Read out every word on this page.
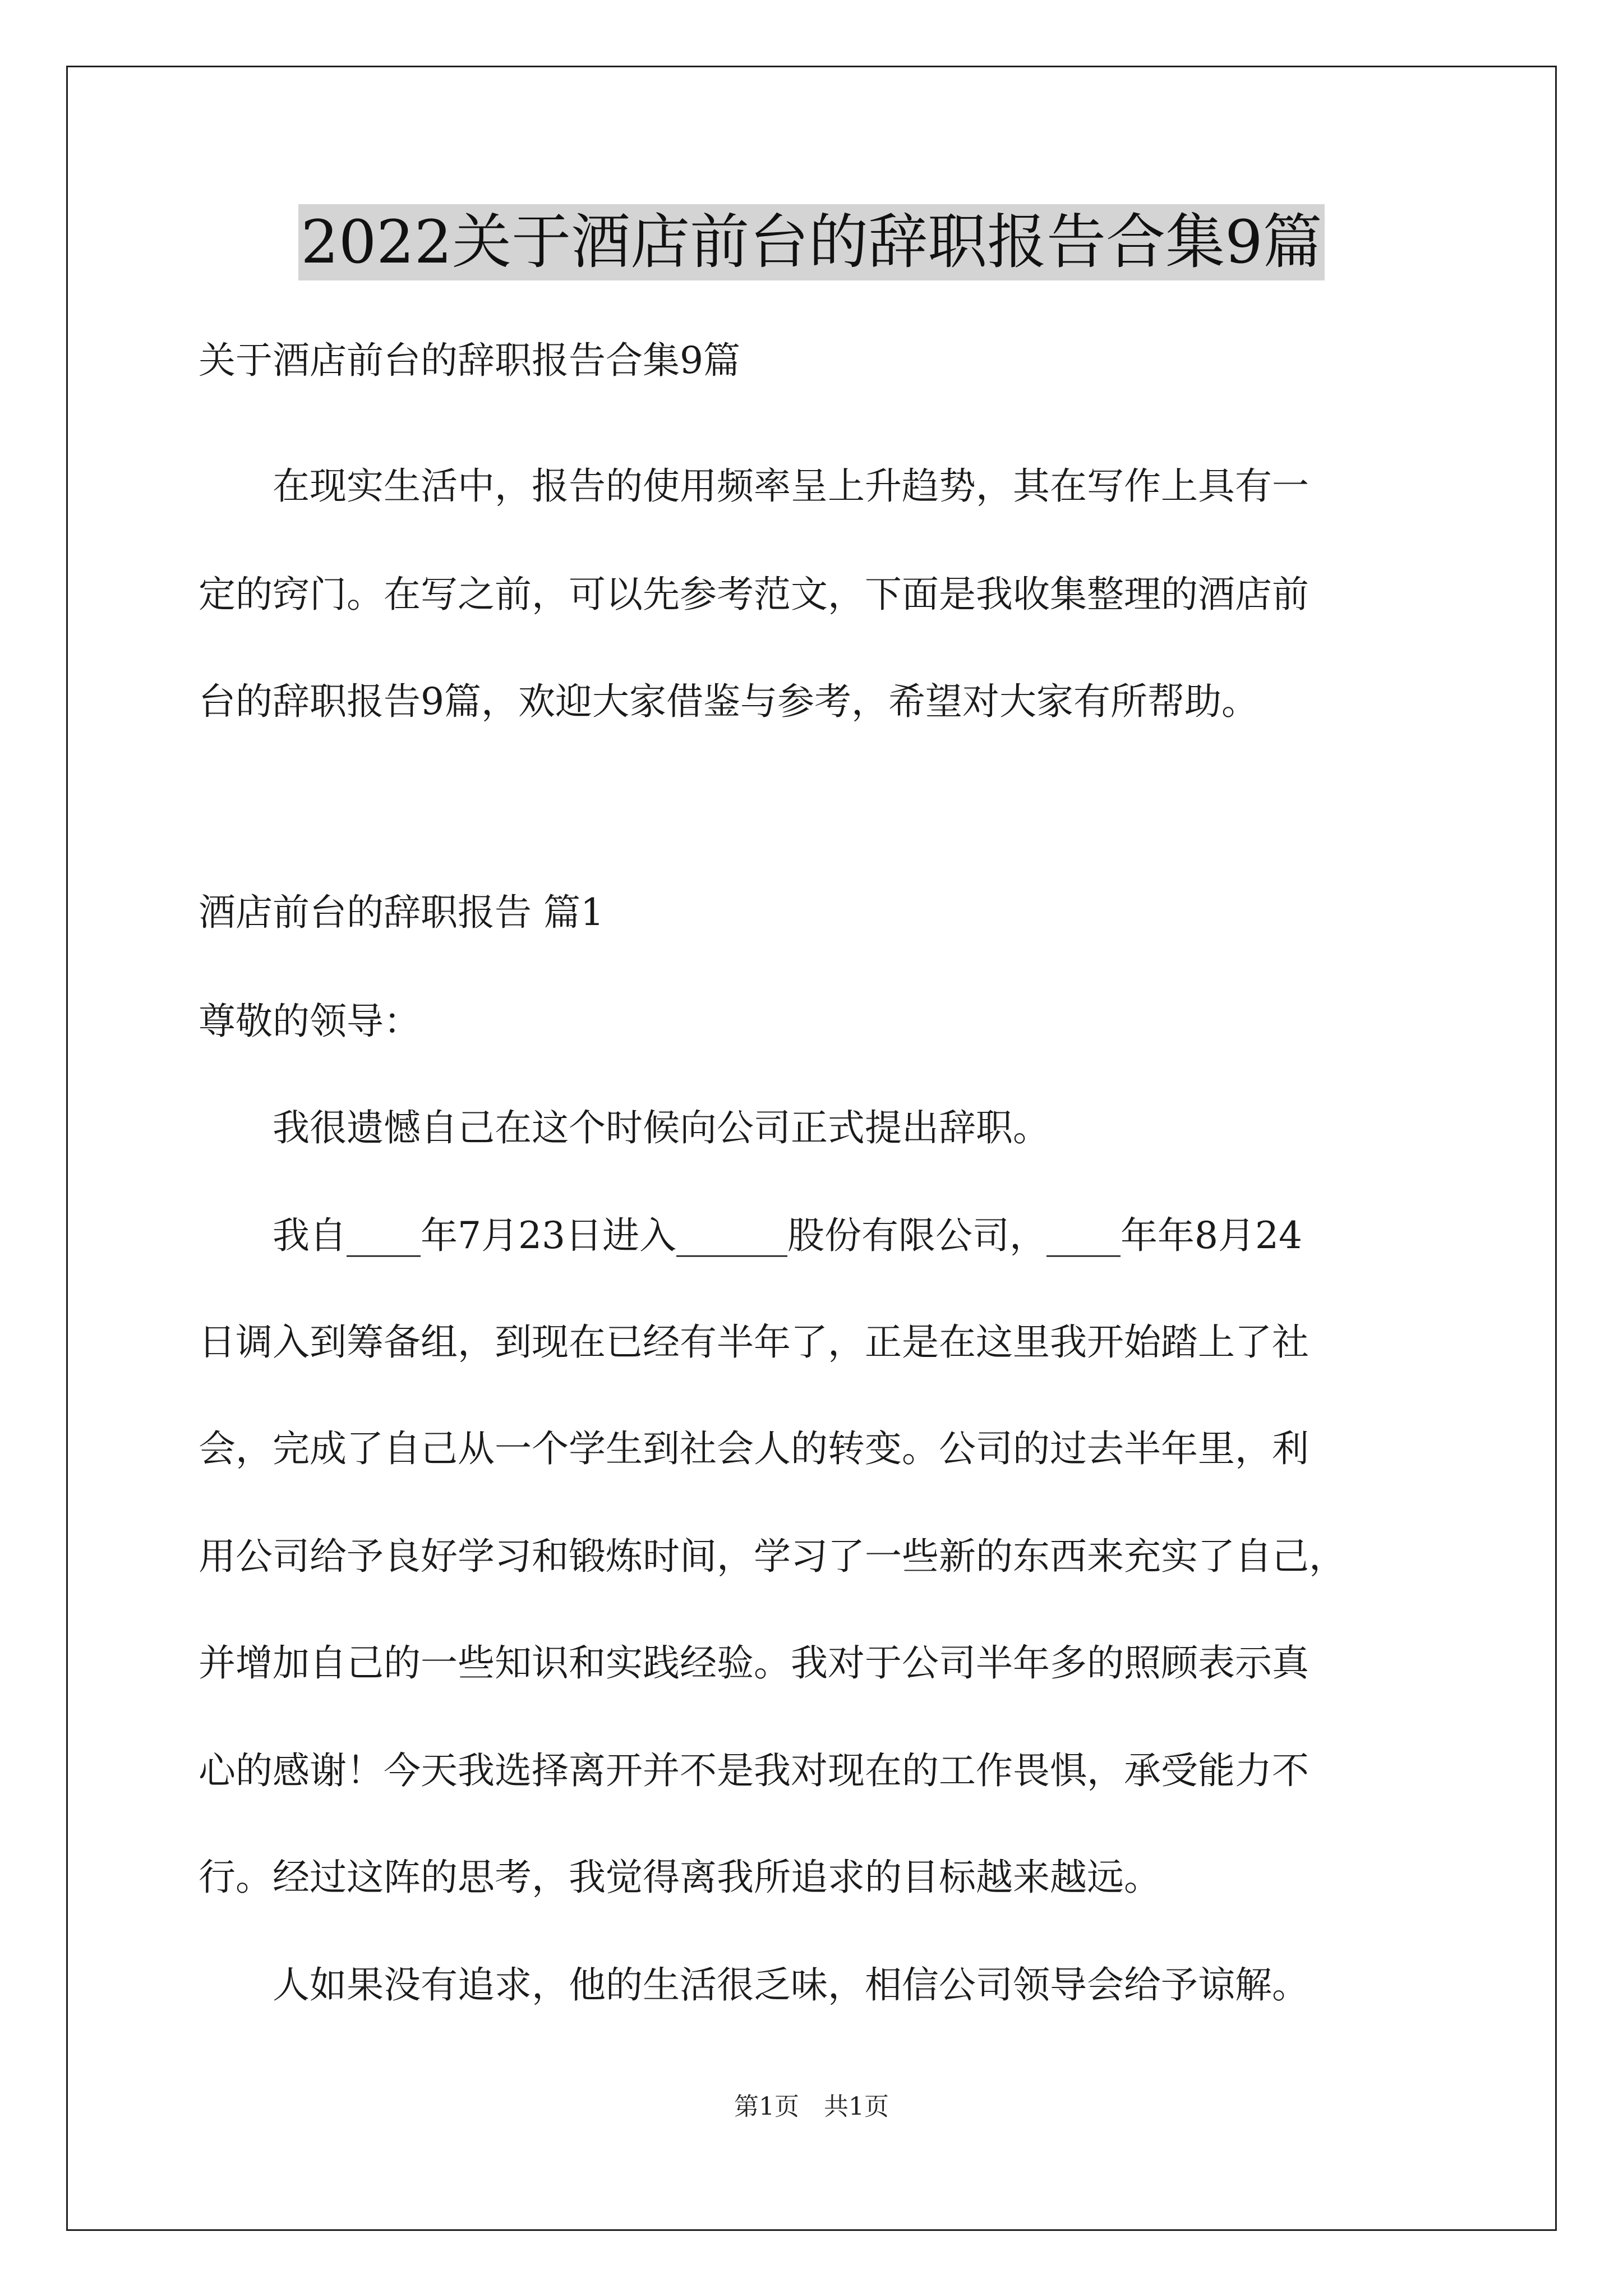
2022关于酒店前台的辞职报告合集9篇
关于酒店前台的辞职报告合集9篇
　　在现实生活中，报告的使用频率呈上升趋势，其在写作上具有一
定的窍门。在写之前，可以先参考范文，下面是我收集整理的酒店前
台的辞职报告9篇，欢迎大家借鉴与参考，希望对大家有所帮助。
酒店前台的辞职报告 篇1
尊敬的领导：
　　我很遗憾自己在这个时候向公司正式提出辞职。
　　我自____年7月23日进入______股份有限公司，____年年8月24
日调入到筹备组，到现在已经有半年了，正是在这里我开始踏上了社
会，完成了自己从一个学生到社会人的转变。公司的过去半年里，利
用公司给予良好学习和锻炼时间，学习了一些新的东西来充实了自己，
并增加自己的一些知识和实践经验。我对于公司半年多的照顾表示真
心的感谢！今天我选择离开并不是我对现在的工作畏惧，承受能力不
行。经过这阵的思考，我觉得离我所追求的目标越来越远。
　　人如果没有追求，他的生活很乏味，相信公司领导会给予谅解。
第1页　共1页
